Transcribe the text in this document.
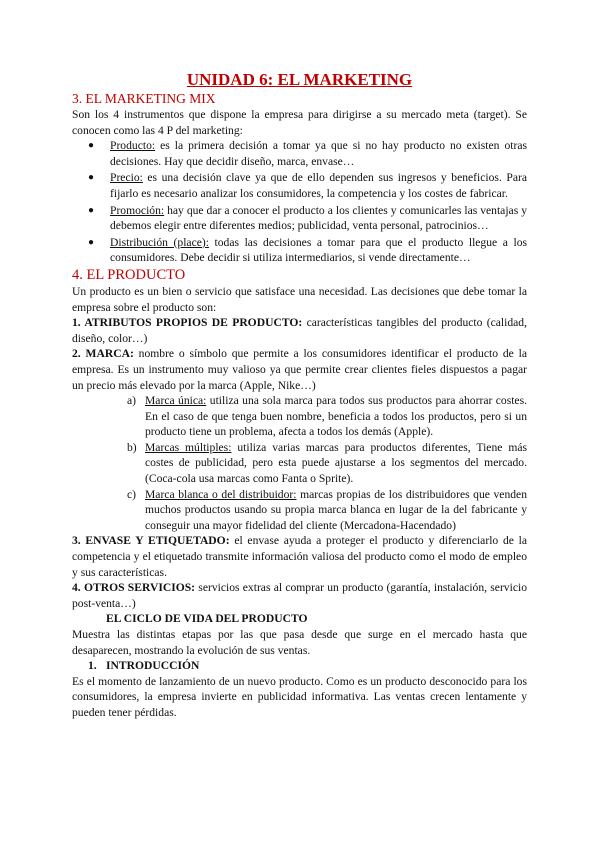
UNIDAD 6: EL MARKETING
3. EL MARKETING MIX

Son los 4 instrumentos que dispone la empresa para dirigirse a su mercado meta (target). Se conocen como las 4 P del marketing:

● Producto: es la primera decisión a tomar ya que si no hay producto no existen otras decisiones. Hay que decidir diseño, marca, envase…
● Precio: es una decisión clave ya que de ello dependen sus ingresos y beneficios. Para fijarlo es necesario analizar los consumidores, la competencia y los costes de fabricar.
● Promoción: hay que dar a conocer el producto a los clientes y comunicarles las ventajas y debemos elegir entre diferentes medios; publicidad, venta personal, patrocinios…
● Distribución (place): todas las decisiones a tomar para que el producto llegue a los consumidores. Debe decidir si utiliza intermediarios, si vende directamente…
4. EL PRODUCTO

Un producto es un bien o servicio que satisface una necesidad. Las decisiones que debe tomar la empresa sobre el producto son:

1. ATRIBUTOS PROPIOS DE PRODUCTO: características tangibles del producto (calidad, diseño, color…)

2. MARCA: nombre o símbolo que permite a los consumidores identificar el producto de la empresa. Es un instrumento muy valioso ya que permite crear clientes fieles dispuestos a pagar un precio más elevado por la marca (Apple, Nike…)

a) Marca única: utiliza una sola marca para todos sus productos para ahorrar costes. En el caso de que tenga buen nombre, beneficia a todos los productos, pero si un producto tiene un problema, afecta a todos los demás (Apple).
b) Marcas múltiples: utiliza varias marcas para productos diferentes, Tiene más costes de publicidad, pero esta puede ajustarse a los segmentos del mercado. (Coca-cola usa marcas como Fanta o Sprite).
c) Marca blanca o del distribuidor: marcas propias de los distribuidores que venden muchos productos usando su propia marca blanca en lugar de la del fabricante y conseguir una mayor fidelidad del cliente (Mercadona-Hacendado)

3. ENVASE Y ETIQUETADO: el envase ayuda a proteger el producto y diferenciarlo de la competencia y el etiquetado transmite información valiosa del producto como el modo de empleo y sus características.

4. OTROS SERVICIOS: servicios extras al comprar un producto (garantía, instalación, servicio post-venta…)

EL CICLO DE VIDA DEL PRODUCTO

Muestra las distintas etapas por las que pasa desde que surge en el mercado hasta que desaparecen, mostrando la evolución de sus ventas.

1. INTRODUCCIÓN

Es el momento de lanzamiento de un nuevo producto. Como es un producto desconocido para los consumidores, la empresa invierte en publicidad informativa. Las ventas crecen lentamente y pueden tener pérdidas.
